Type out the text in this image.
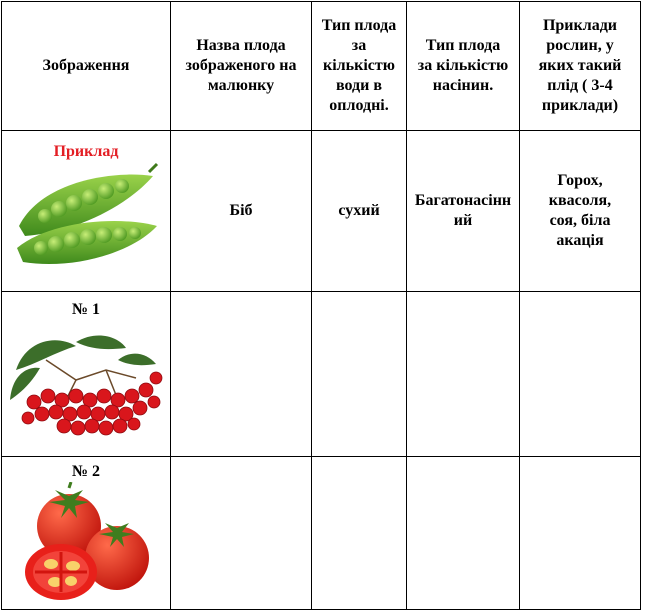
Зображення	Назва плода зображеного на малюнку	Тип плода за кількістю води в оплодні.	Тип плода за кількістю насінин.	Приклади рослин, у яких такий плід ( 3-4 приклади)

Приклад	Біб	сухий	Багатонасінний	Горох, квасоля, соя, біла акація

№ 1				

№ 2				
